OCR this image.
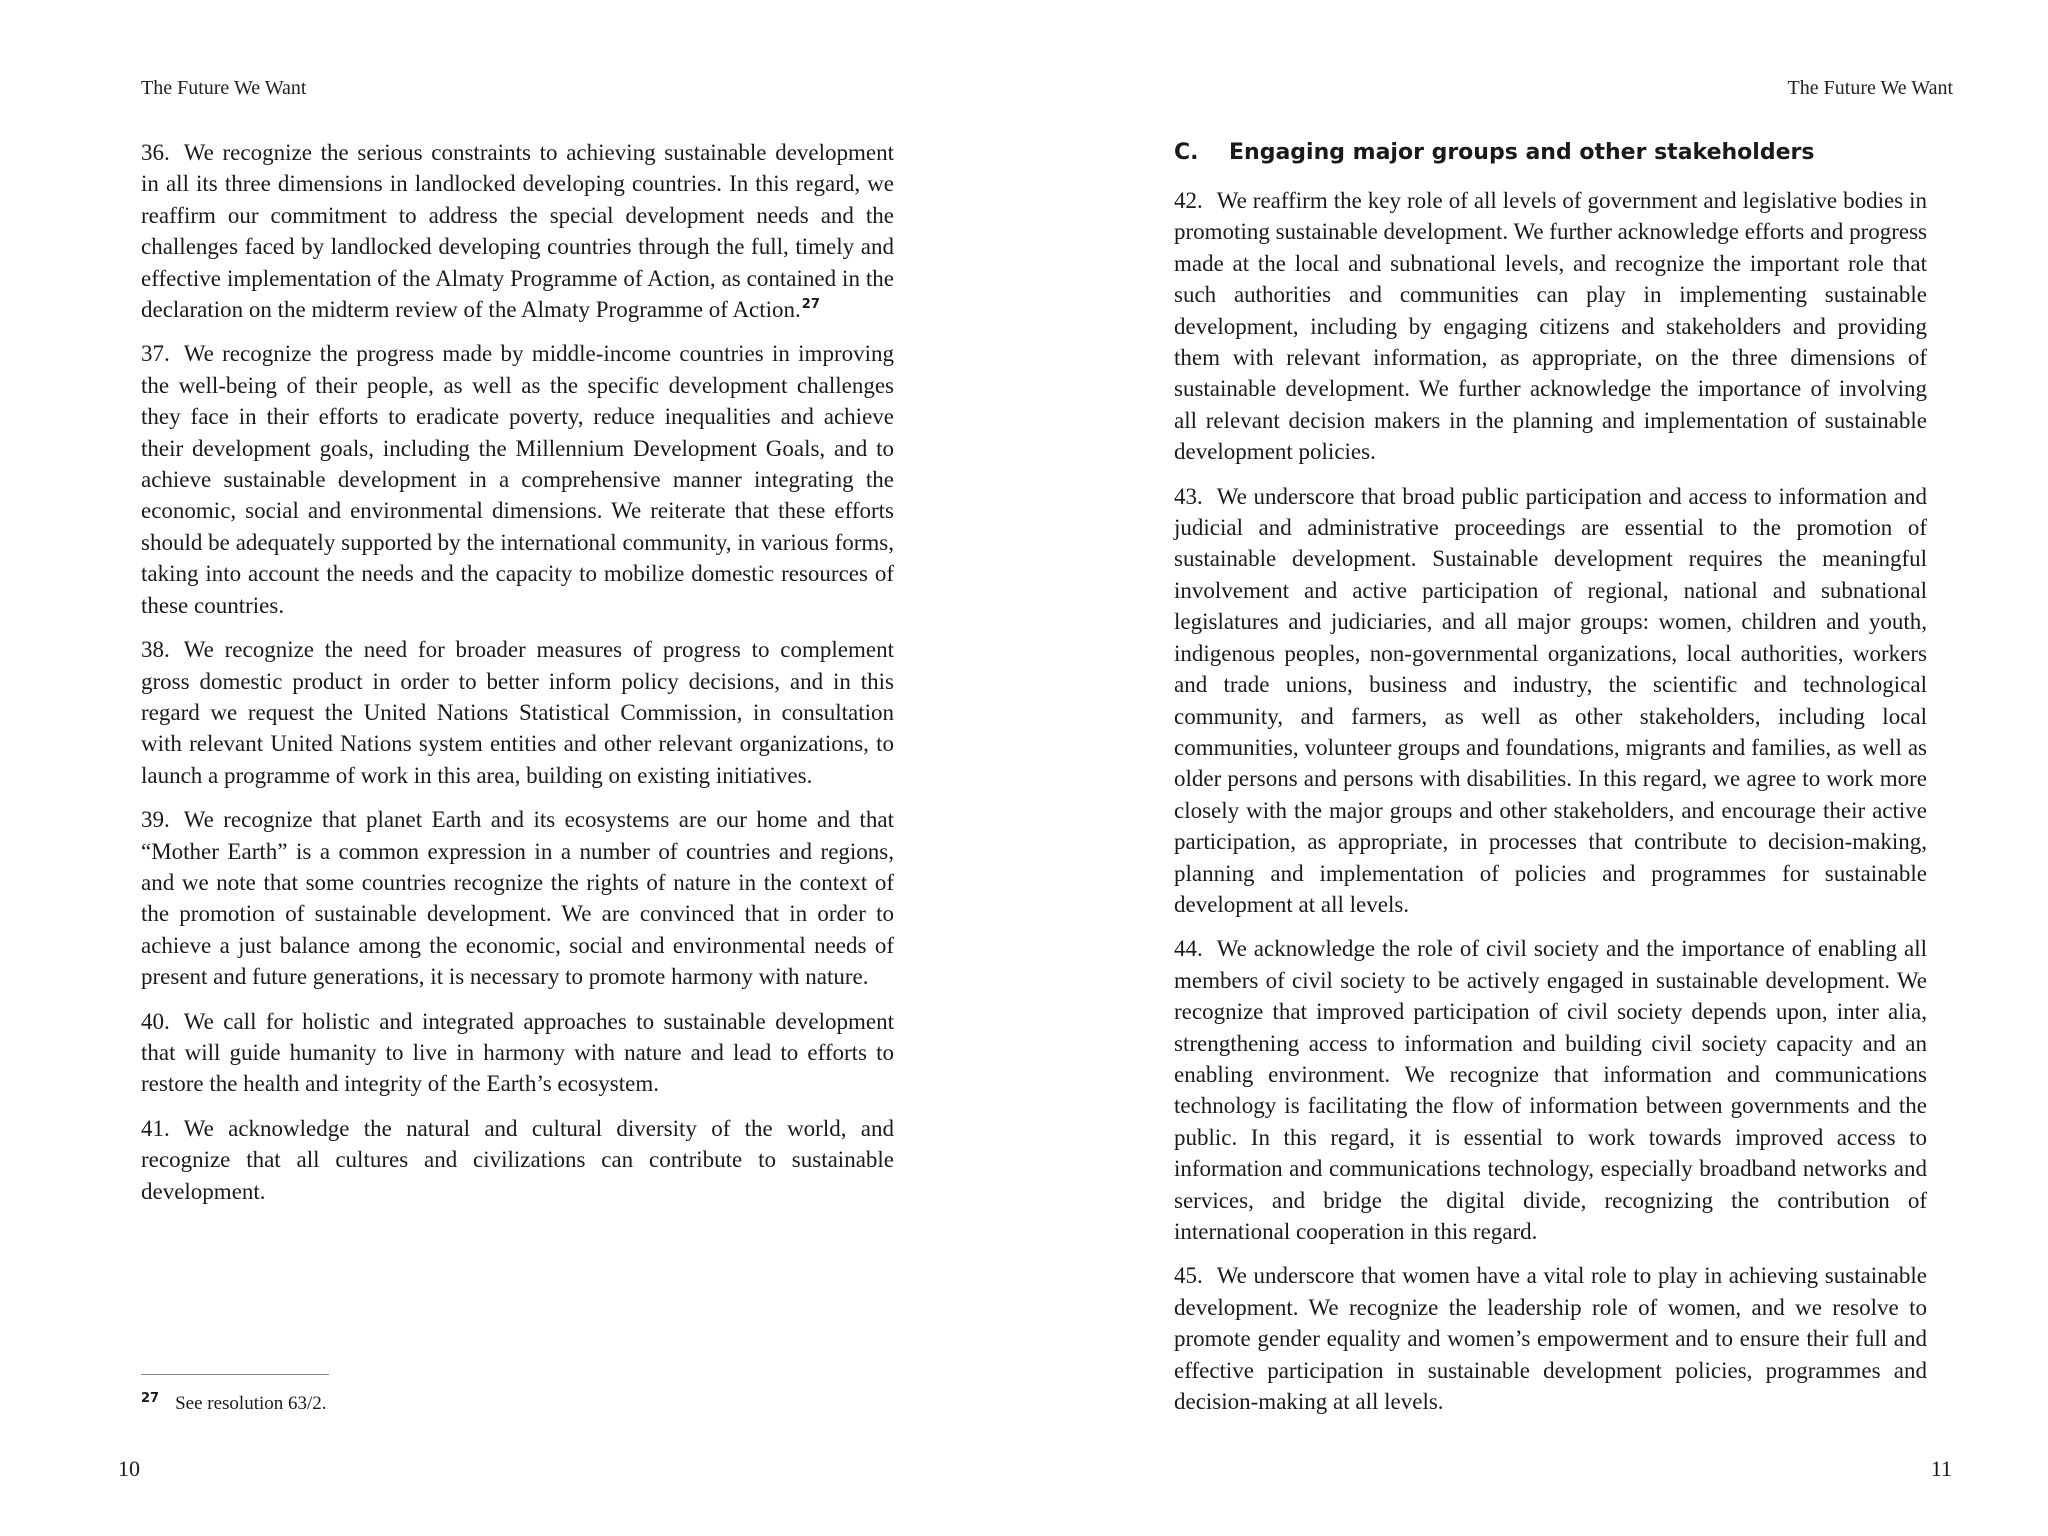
The Future We Want

36. We recognize the serious constraints to achieving sustainable development in all its three dimensions in landlocked developing countries. In this regard, we reaffirm our commitment to address the special development needs and the challenges faced by landlocked developing countries through the full, timely and effective implementation of the Almaty Programme of Action, as contained in the declaration on the midterm review of the Almaty Programme of Action.$^{27}$

37. We recognize the progress made by middle-income countries in improving the well-being of their people, as well as the specific development challenges they face in their efforts to eradicate poverty, reduce inequalities and achieve their development goals, including the Millennium Development Goals, and to achieve sustainable development in a comprehensive manner integrating the economic, social and environmental dimensions. We reiterate that these efforts should be adequately supported by the international community, in various forms, taking into account the needs and the capacity to mobilize domestic resources of these countries.

38. We recognize the need for broader measures of progress to complement gross domestic product in order to better inform policy decisions, and in this regard we request the United Nations Statistical Commission, in consultation with relevant United Nations system entities and other relevant organizations, to launch a programme of work in this area, building on existing initiatives.

39. We recognize that planet Earth and its ecosystems are our home and that “Mother Earth” is a common expression in a number of countries and regions, and we note that some countries recognize the rights of nature in the context of the promotion of sustainable development. We are convinced that in order to achieve a just balance among the economic, social and environmental needs of present and future generations, it is necessary to promote harmony with nature.

40. We call for holistic and integrated approaches to sustainable development that will guide humanity to live in harmony with nature and lead to efforts to restore the health and integrity of the Earth’s ecosystem.

41. We acknowledge the natural and cultural diversity of the world, and recognize that all cultures and civilizations can contribute to sustainable development.

$^{27}$ See resolution 63/2.
10
The Future We Want
C. Engaging major groups and other stakeholders

42. We reaffirm the key role of all levels of government and legislative bodies in promoting sustainable development. We further acknowledge efforts and progress made at the local and subnational levels, and recognize the important role that such authorities and communities can play in implementing sustainable development, including by engaging citizens and stakeholders and providing them with relevant information, as appropriate, on the three dimensions of sustainable development. We further acknowledge the importance of involving all relevant decision makers in the planning and implementation of sustainable development policies.

43. We underscore that broad public participation and access to information and judicial and administrative proceedings are essential to the promotion of sustainable development. Sustainable development requires the meaningful involvement and active participation of regional, national and subnational legislatures and judiciaries, and all major groups: women, children and youth, indigenous peoples, non-governmental organizations, local authorities, workers and trade unions, business and industry, the scientific and technological community, and farmers, as well as other stakeholders, including local communities, volunteer groups and foundations, migrants and families, as well as older persons and persons with disabilities. In this regard, we agree to work more closely with the major groups and other stakeholders, and encourage their active participation, as appropriate, in processes that contribute to decision-making, planning and implementation of policies and programmes for sustainable development at all levels.

44. We acknowledge the role of civil society and the importance of enabling all members of civil society to be actively engaged in sustainable development. We recognize that improved participation of civil society depends upon, inter alia, strengthening access to information and building civil society capacity and an enabling environment. We recognize that information and communications technology is facilitating the flow of information between governments and the public. In this regard, it is essential to work towards improved access to information and communications technology, especially broadband networks and services, and bridge the digital divide, recognizing the contribution of international cooperation in this regard.

45. We underscore that women have a vital role to play in achieving sustainable development. We recognize the leadership role of women, and we resolve to promote gender equality and women’s empowerment and to ensure their full and effective participation in sustainable development policies, programmes and decision-making at all levels.

11
